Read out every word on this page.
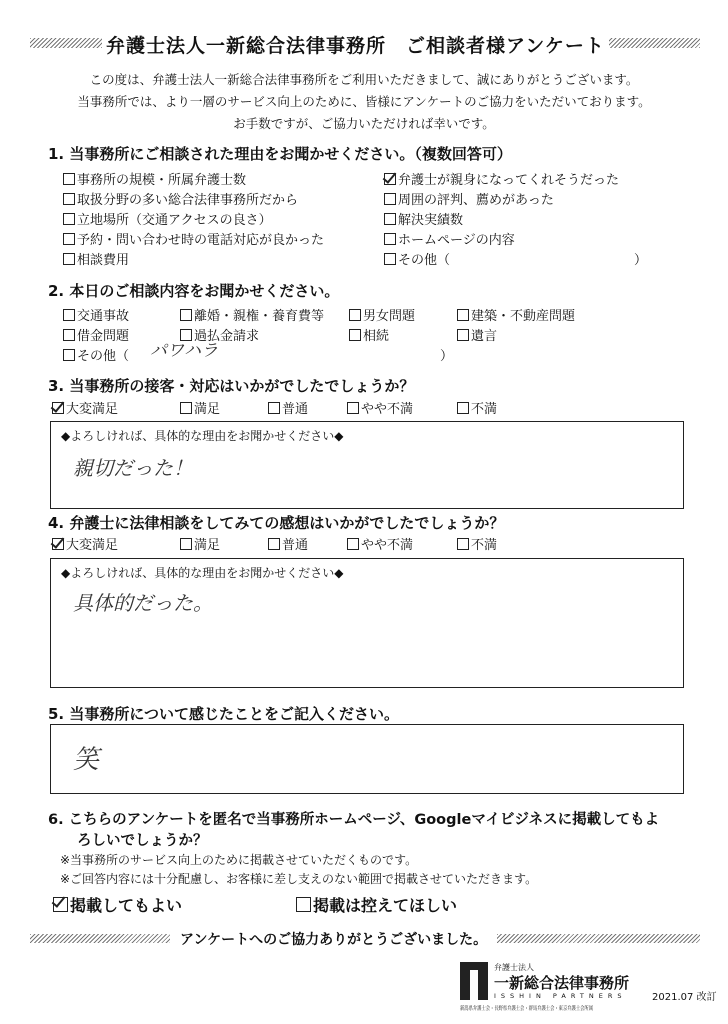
弁護士法人一新総合法律事務所　ご相談者様アンケート
この度は、弁護士法人一新総合法律事務所をご利用いただきまして、誠にありがとうございます。
当事務所では、より一層のサービス向上のために、皆様にアンケートのご協力をいただいております。
お手数ですが、ご協力いただければ幸いです。
1. 当事務所にご相談された理由をお聞かせください。（複数回答可）
事務所の規模・所属弁護士数
取扱分野の多い総合法律事務所だから
立地場所（交通アクセスの良さ）
予約・問い合わせ時の電話対応が良かった
相談費用
弁護士が親身になってくれそうだった
周囲の評判、薦めがあった
解決実績数
ホームページの内容
その他（	）
2. 本日のご相談内容をお聞かせください。
交通事故	離婚・親権・養育費等	男女問題	建築・不動産問題
借金問題	過払金請求	相続	遺言
その他（ パワハラ	）
3. 当事務所の接客・対応はいかがでしたでしょうか？
大変満足	満足	普通	やや不満	不満
◆よろしければ、具体的な理由をお聞かせください◆
親切だった！
4. 弁護士に法律相談をしてみての感想はいかがでしたでしょうか？
大変満足	満足	普通	やや不満	不満
◆よろしければ、具体的な理由をお聞かせください◆
具体的だった。
5. 当事務所について感じたことをご記入ください。
笑
6. こちらのアンケートを匿名で当事務所ホームページ、Googleマイビジネスに掲載してもよ
ろしいでしょうか？
※当事務所のサービス向上のために掲載させていただくものです。
※ご回答内容には十分配慮し、お客様に差し支えのない範囲で掲載させていただきます。
掲載してもよい	掲載は控えてほしい
アンケートへのご協力ありがとうございました。
弁護士法人
一新総合法律事務所
ISSHIN PARTNERS
新潟県弁護士会・長野県弁護士会・群馬弁護士会・東京弁護士会所属
2021.07 改訂
